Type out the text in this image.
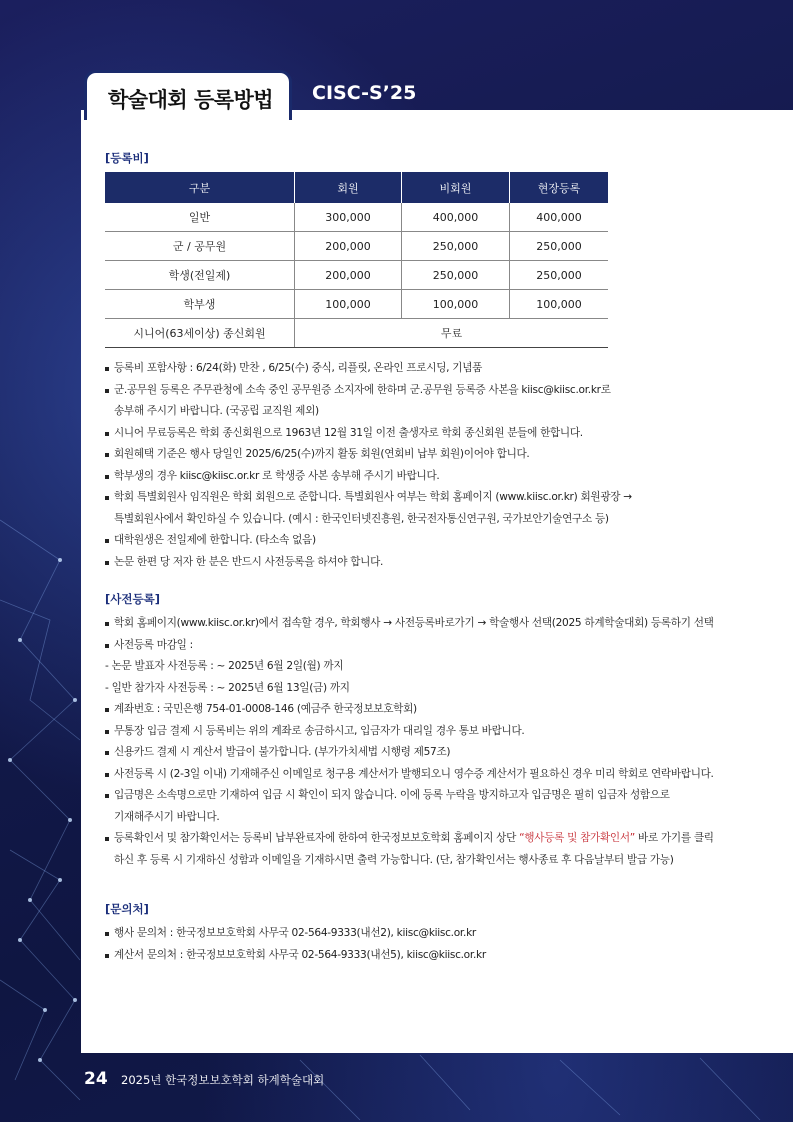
학술대회 등록방법 CISC-S’25
[등록비]
구분	회원	비회원	현장등록
일반	300,000	400,000	400,000
군 / 공무원	200,000	250,000	250,000
학생(전일제)	200,000	250,000	250,000
학부생	100,000	100,000	100,000
시니어(63세이상) 종신회원	무료		
등록비 포함사항 : 6/24(화) 만찬 , 6/25(수) 중식, 리플릿, 온라인 프로시딩, 기념품
군.공무원 등록은 주무관청에 소속 중인 공무원증 소지자에 한하며 군.공무원 등록증 사본을 kiisc@kiisc.or.kr로
송부해 주시기 바랍니다. (국공립 교직원 제외)
시니어 무료등록은 학회 종신회원으로 1963년 12월 31일 이전 출생자로 학회 종신회원 분들에 한합니다.
회원혜택 기준은 행사 당일인 2025/6/25(수)까지 활동 회원(연회비 납부 회원)이어야 합니다.
학부생의 경우 kiisc@kiisc.or.kr 로 학생증 사본 송부해 주시기 바랍니다.
학회 특별회원사 임직원은 학회 회원으로 준합니다. 특별회원사 여부는 학회 홈페이지 (www.kiisc.or.kr) 회원광장 →
특별회원사에서 확인하실 수 있습니다. (예시 : 한국인터넷진흥원, 한국전자통신연구원, 국가보안기술연구소 등)
대학원생은 전일제에 한합니다. (타소속 없음)
논문 한편 당 저자 한 분은 반드시 사전등록을 하셔야 합니다.
[사전등록]
학회 홈페이지(www.kiisc.or.kr)에서 접속할 경우, 학회행사 → 사전등록바로가기 → 학술행사 선택(2025 하계학술대회) 등록하기 선택
사전등록 마감일 :
- 논문 발표자 사전등록 : ~ 2025년 6월 2일(월) 까지
- 일반 참가자 사전등록 : ~ 2025년 6월 13일(금) 까지
계좌번호 : 국민은행 754-01-0008-146 (예금주 한국정보보호학회)
무통장 입금 결제 시 등록비는 위의 계좌로 송금하시고, 입금자가 대리일 경우 통보 바랍니다.
신용카드 결제 시 계산서 발급이 불가합니다. (부가가치세법 시행령 제57조)
사전등록 시 (2-3일 이내) 기재해주신 이메일로 청구용 계산서가 발행되오니 영수증 계산서가 필요하신 경우 미리 학회로 연락바랍니다.
입금명은 소속명으로만 기재하여 입금 시 확인이 되지 않습니다. 이에 등록 누락을 방지하고자 입금명은 필히 입금자 성함으로
기재해주시기 바랍니다.
등록확인서 및 참가확인서는 등록비 납부완료자에 한하여 한국정보보호학회 홈페이지 상단 “행사등록 및 참가확인서” 바로 가기를 클릭
하신 후 등록 시 기재하신 성함과 이메일을 기재하시면 출력 가능합니다. (단, 참가확인서는 행사종료 후 다음날부터 발급 가능)
[문의처]
행사 문의처 : 한국정보보호학회 사무국 02-564-9333(내선2), kiisc@kiisc.or.kr
계산서 문의처 : 한국정보보호학회 사무국 02-564-9333(내선5), kiisc@kiisc.or.kr
24 2025년 한국정보보호학회 하계학술대회
